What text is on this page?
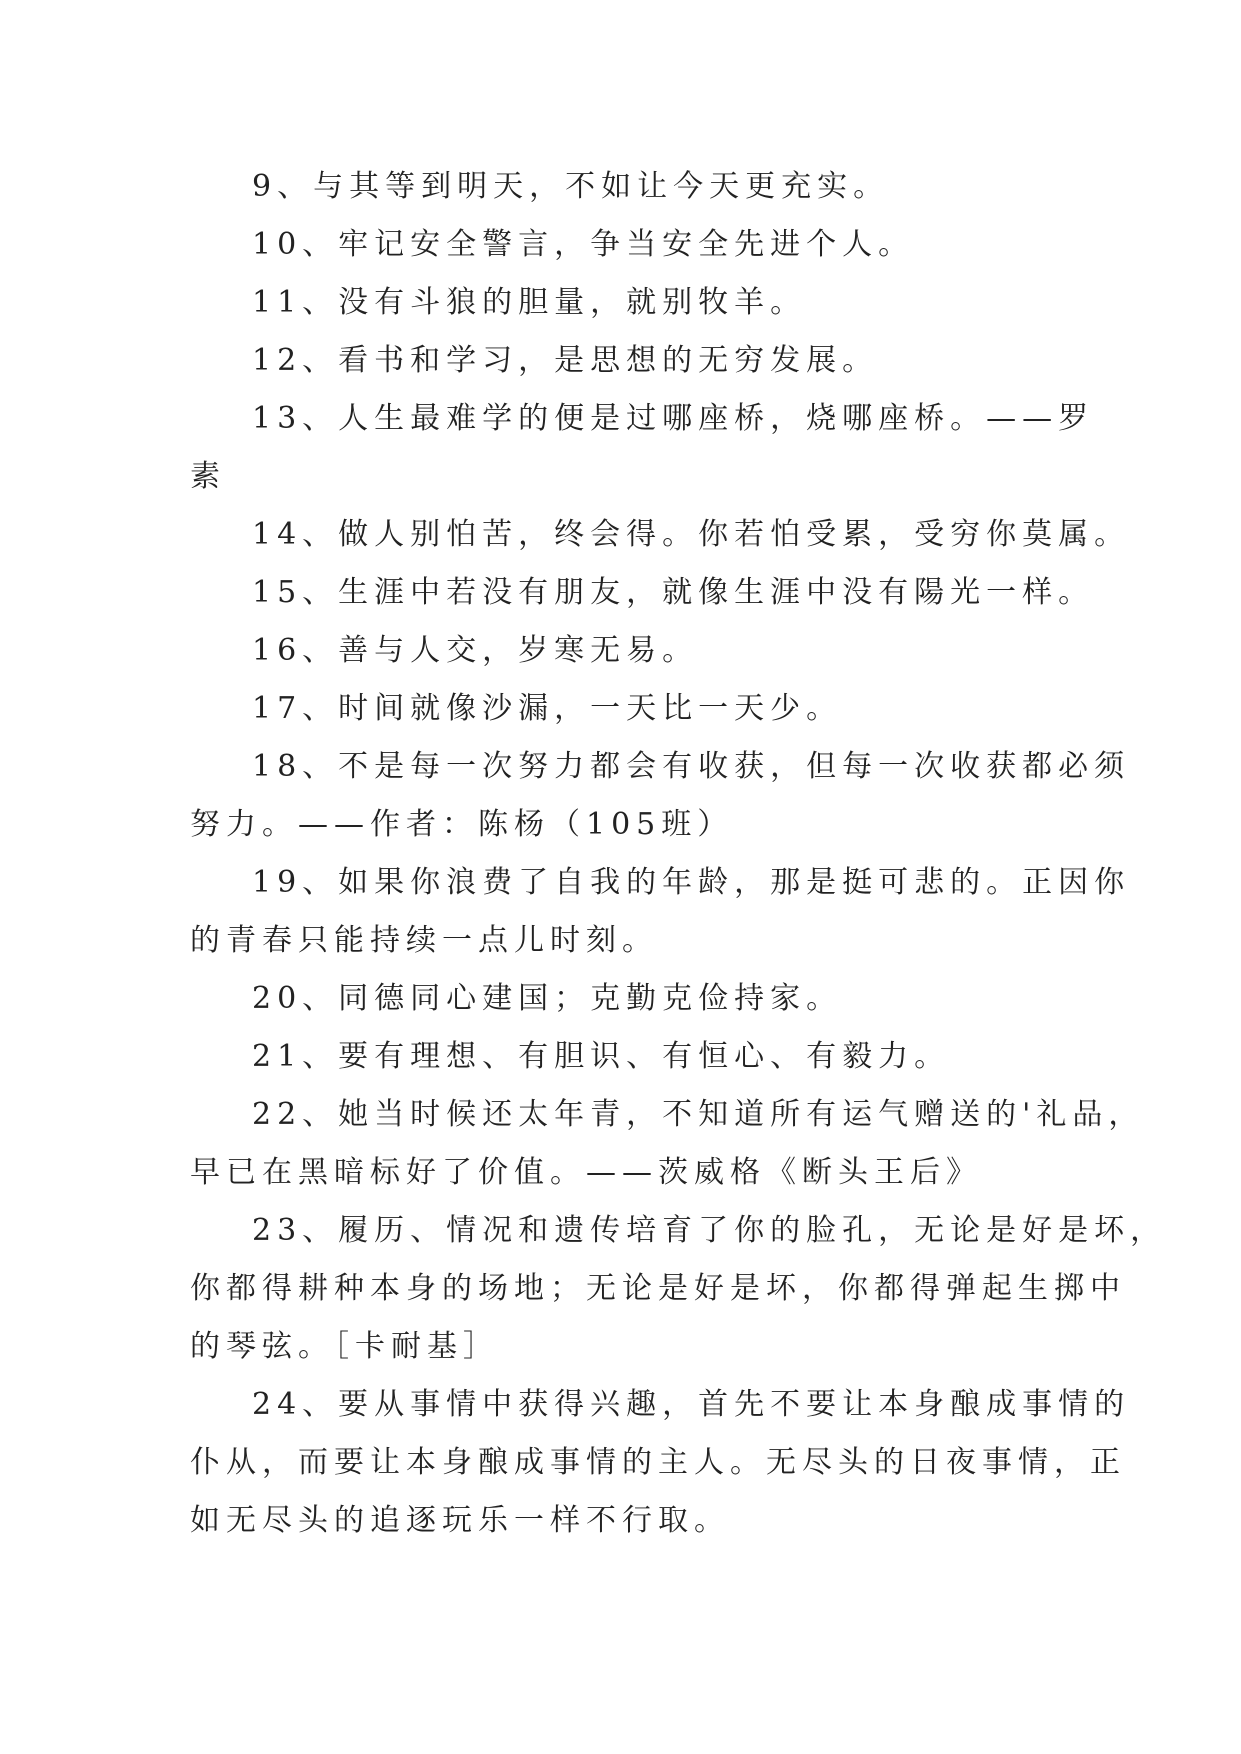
9、与其等到明天，不如让今天更充实。
10、牢记安全警言，争当安全先进个人。
11、没有斗狼的胆量，就别牧羊。
12、看书和学习，是思想的无穷发展。
13、人生最难学的便是过哪座桥，烧哪座桥。——罗
素
14、做人别怕苦，终会得。你若怕受累，受穷你莫属。
15、生涯中若没有朋友，就像生涯中没有陽光一样。
16、善与人交，岁寒无易。
17、时间就像沙漏，一天比一天少。
18、不是每一次努力都会有收获，但每一次收获都必须
努力。——作者：陈杨（105班）
19、如果你浪费了自我的年龄，那是挺可悲的。正因你
的青春只能持续一点儿时刻。
20、同德同心建国；克勤克俭持家。
21、要有理想、有胆识、有恒心、有毅力。
22、她当时候还太年青，不知道所有运气赠送的'礼品，
早已在黑暗标好了价值。——茨威格《断头王后》
23、履历、情况和遗传培育了你的脸孔，无论是好是坏，
你都得耕种本身的场地；无论是好是坏，你都得弹起生掷中
的琴弦。［卡耐基］
24、要从事情中获得兴趣，首先不要让本身酿成事情的
仆从，而要让本身酿成事情的主人。无尽头的日夜事情，正
如无尽头的追逐玩乐一样不行取。
